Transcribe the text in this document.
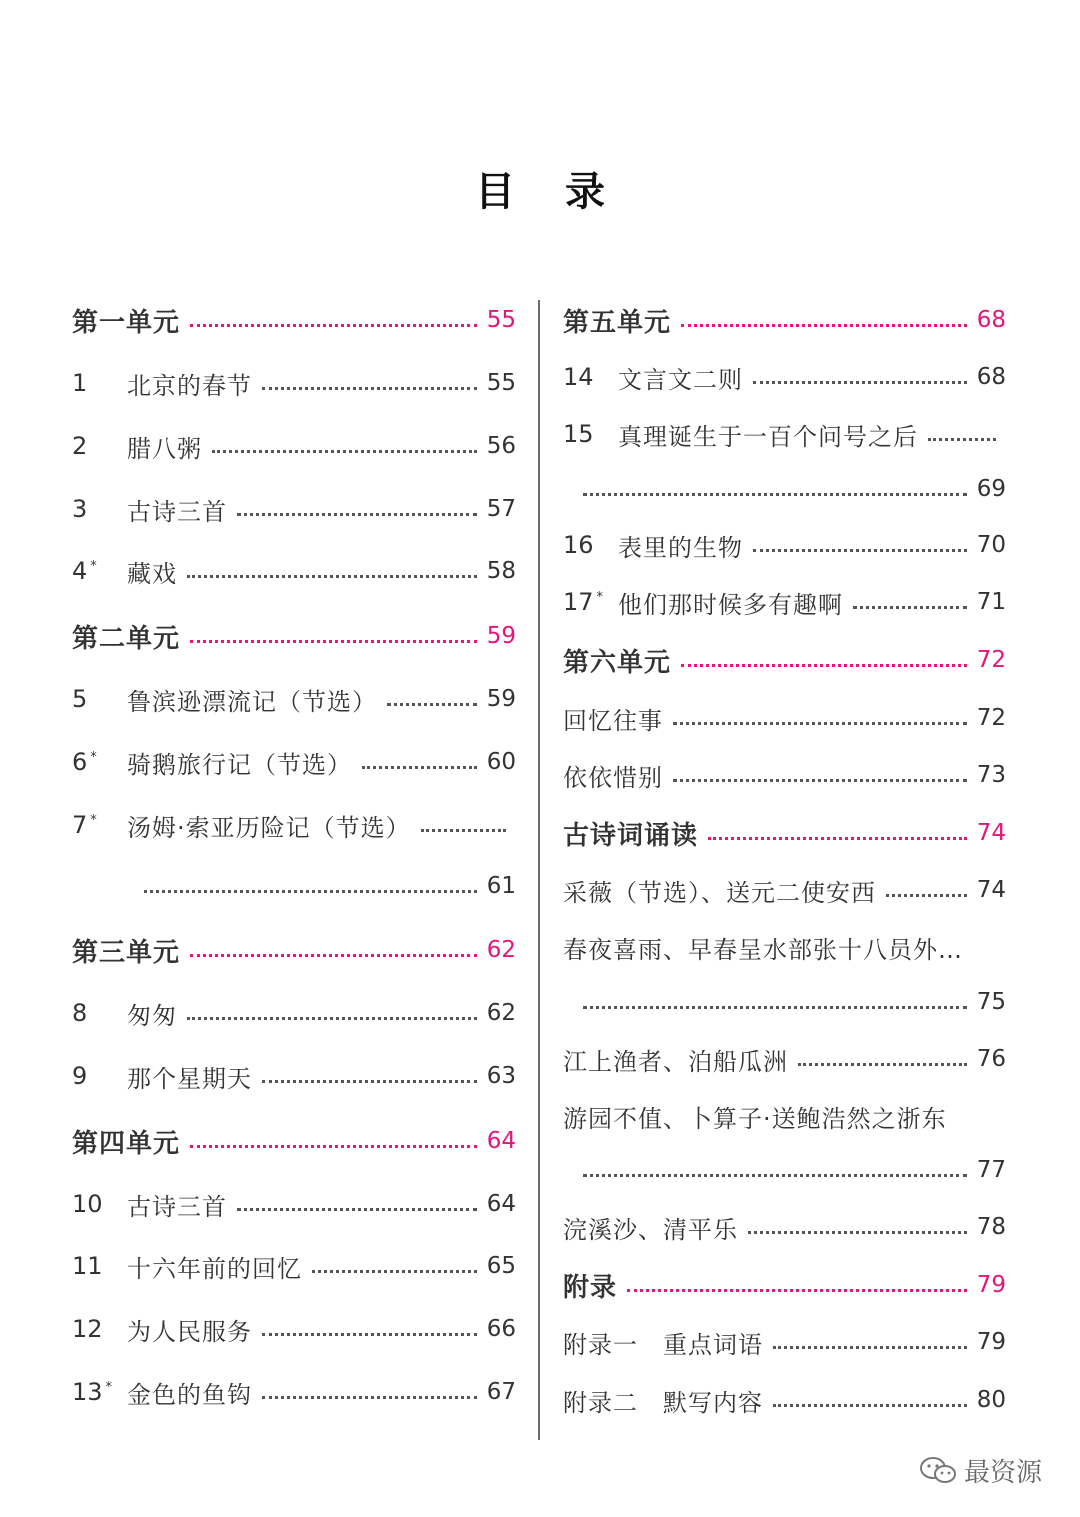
目 录
第一单元	55
1	北京的春节	55
2	腊八粥	56
3	古诗三首	57
4 *	藏戏	58
第二单元	59
5	鲁滨逊漂流记（节选）	59
6 *	骑鹅旅行记（节选）	60
7 *	汤姆·索亚历险记（节选）
61
第三单元	62
8	匆匆	62
9	那个星期天	63
第四单元	64
10	古诗三首	64
11	十六年前的回忆	65
12	为人民服务	66
13 * 金色的鱼钩	67
第五单元	68
14	文言文二则	68
15	真理诞生于一百个问号之后
69
16	表里的生物	70
17 * 他们那时候多有趣啊	71
第六单元	72
回忆往事	72
依依惜别	73
古诗词诵读	74
采薇（节选）、送元二使安西	74
春夜喜雨、早春呈水部张十八员外…
75
江上渔者、泊船瓜洲	76
游园不值、卜算子·送鲍浩然之浙东
77
浣溪沙、清平乐	78
附录	79
附录一　重点词语	79
附录二　默写内容	80
最资源
